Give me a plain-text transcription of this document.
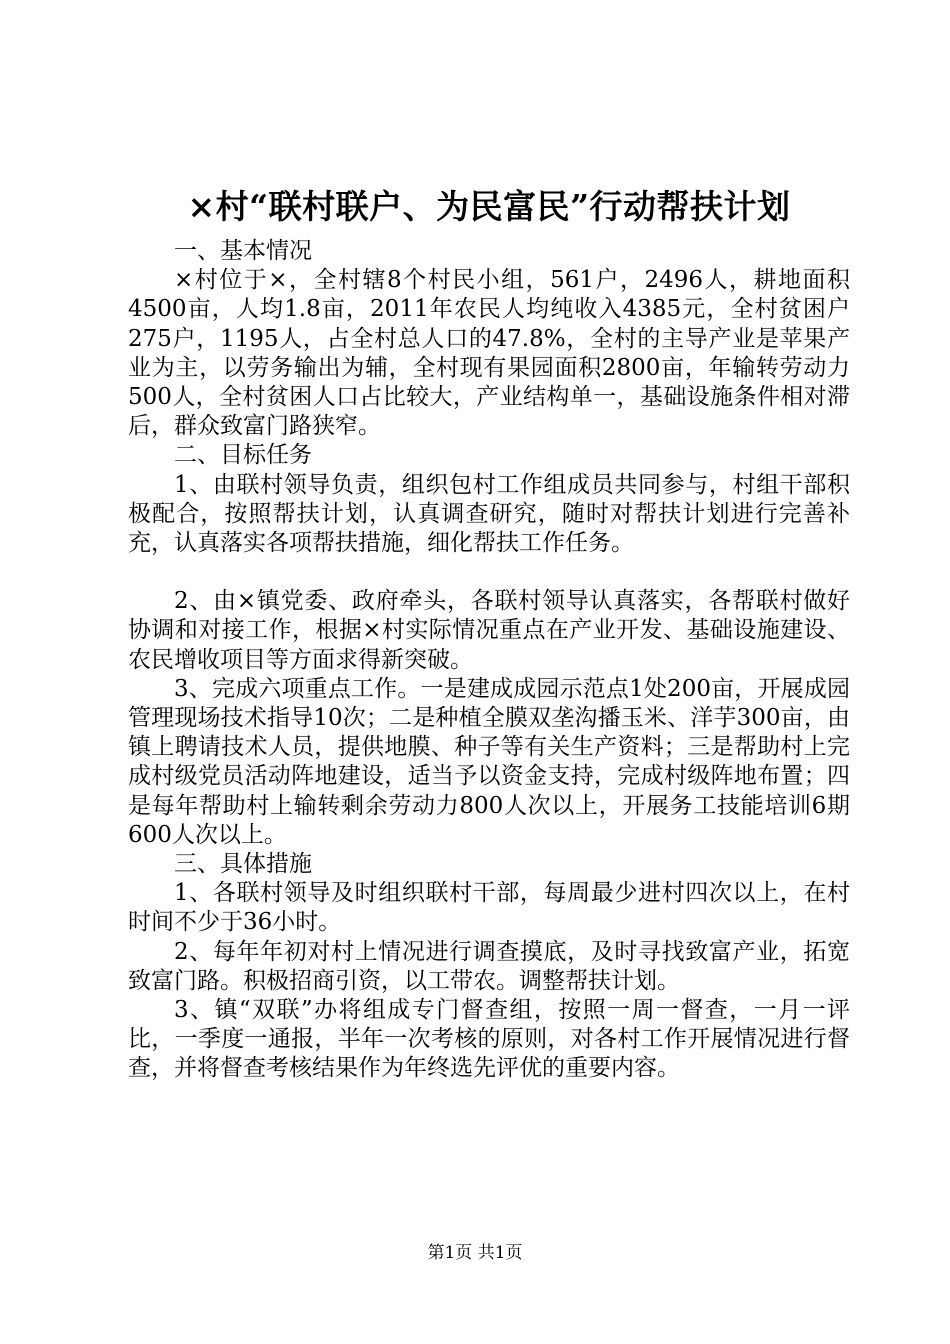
×村“联村联户、为民富民”行动帮扶计划

一、基本情况

×村位于×，全村辖8个村民小组，561户，2496人，耕地面积4500亩，人均1.8亩，2011年农民人均纯收入4385元，全村贫困户275户，1195人，占全村总人口的47.8%，全村的主导产业是苹果产业为主，以劳务输出为辅，全村现有果园面积2800亩，年输转劳动力500人，全村贫困人口占比较大，产业结构单一，基础设施条件相对滞后，群众致富门路狭窄。

二、目标任务

1、由联村领导负责，组织包村工作组成员共同参与，村组干部积极配合，按照帮扶计划，认真调查研究，随时对帮扶计划进行完善补充，认真落实各项帮扶措施，细化帮扶工作任务。

2、由×镇党委、政府牵头，各联村领导认真落实，各帮联村做好协调和对接工作，根据×村实际情况重点在产业开发、基础设施建设、农民增收项目等方面求得新突破。

3、完成六项重点工作。一是建成成园示范点1处200亩，开展成园管理现场技术指导10次；二是种植全膜双垄沟播玉米、洋芋300亩，由镇上聘请技术人员，提供地膜、种子等有关生产资料；三是帮助村上完成村级党员活动阵地建设，适当予以资金支持，完成村级阵地布置；四是每年帮助村上输转剩余劳动力800人次以上，开展务工技能培训6期600人次以上。

三、具体措施

1、各联村领导及时组织联村干部，每周最少进村四次以上，在村时间不少于36小时。

2、每年年初对村上情况进行调查摸底，及时寻找致富产业，拓宽致富门路。积极招商引资，以工带农。调整帮扶计划。

3、镇“双联”办将组成专门督查组，按照一周一督查，一月一评比，一季度一通报，半年一次考核的原则，对各村工作开展情况进行督查，并将督查考核结果作为年终选先评优的重要内容。

第1页 共1页
